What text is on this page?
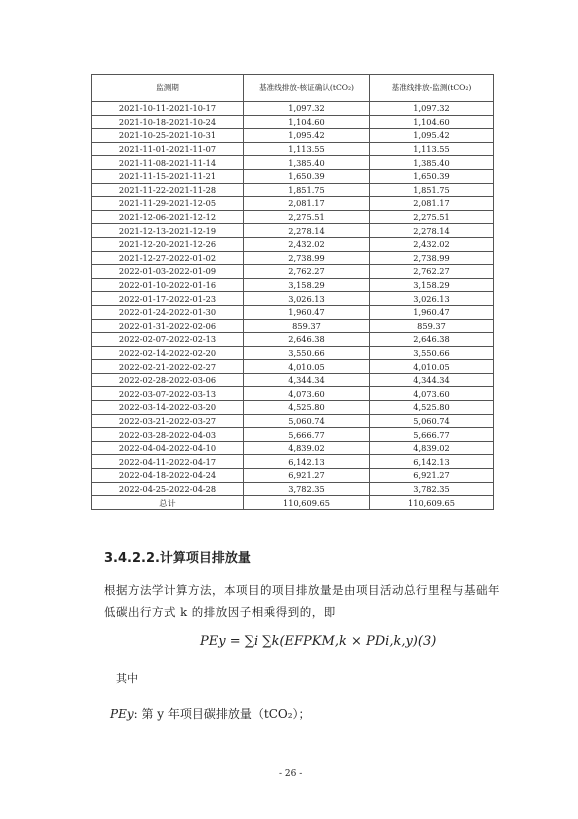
监测期	基准线排放-核证确认(tCO₂)	基准线排放-监测(tCO₂)
2021-10-11-2021-10-17	1,097.32	1,097.32
2021-10-18-2021-10-24	1,104.60	1,104.60
2021-10-25-2021-10-31	1,095.42	1,095.42
2021-11-01-2021-11-07	1,113.55	1,113.55
2021-11-08-2021-11-14	1,385.40	1,385.40
2021-11-15-2021-11-21	1,650.39	1,650.39
2021-11-22-2021-11-28	1,851.75	1,851.75
2021-11-29-2021-12-05	2,081.17	2,081.17
2021-12-06-2021-12-12	2,275.51	2,275.51
2021-12-13-2021-12-19	2,278.14	2,278.14
2021-12-20-2021-12-26	2,432.02	2,432.02
2021-12-27-2022-01-02	2,738.99	2,738.99
2022-01-03-2022-01-09	2,762.27	2,762.27
2022-01-10-2022-01-16	3,158.29	3,158.29
2022-01-17-2022-01-23	3,026.13	3,026.13
2022-01-24-2022-01-30	1,960.47	1,960.47
2022-01-31-2022-02-06	859.37	859.37
2022-02-07-2022-02-13	2,646.38	2,646.38
2022-02-14-2022-02-20	3,550.66	3,550.66
2022-02-21-2022-02-27	4,010.05	4,010.05
2022-02-28-2022-03-06	4,344.34	4,344.34
2022-03-07-2022-03-13	4,073.60	4,073.60
2022-03-14-2022-03-20	4,525.80	4,525.80
2022-03-21-2022-03-27	5,060.74	5,060.74
2022-03-28-2022-04-03	5,666.77	5,666.77
2022-04-04-2022-04-10	4,839.02	4,839.02
2022-04-11-2022-04-17	6,142.13	6,142.13
2022-04-18-2022-04-24	6,921.27	6,921.27
2022-04-25-2022-04-28	3,782.35	3,782.35
总计	110,609.65	110,609.65
3.4.2.2.计算项目排放量
根据方法学计算方法，本项目的项目排放量是由项目活动总行里程与基础年低碳出行方式 k 的排放因子相乘得到的，即
PEy = ∑i ∑k(EFPKM,k × PDi,k,y)(3)
其中
PEy: 第 y 年项目碳排放量（tCO₂）；
- 26 -
